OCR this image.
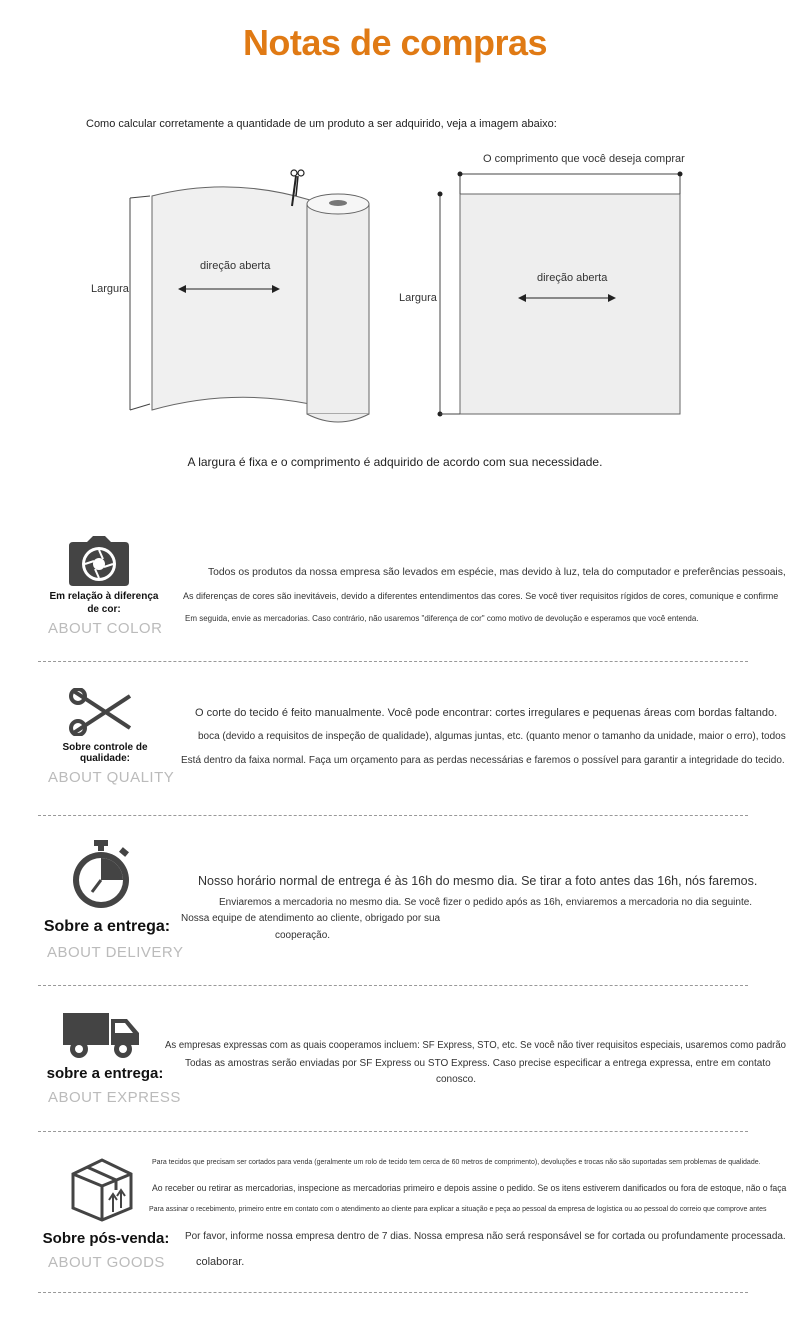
Notas de compras
Como calcular corretamente a quantidade de um produto a ser adquirido, veja a imagem abaixo:
Largura
direção aberta
O comprimento que você deseja comprar
Largura
direção aberta
A largura é fixa e o comprimento é adquirido de acordo com sua necessidade.
Em relação à diferença de cor:
ABOUT COLOR
Todos os produtos da nossa empresa são levados em espécie, mas devido à luz, tela do computador e preferências pessoais,
As diferenças de cores são inevitáveis, devido a diferentes entendimentos das cores. Se você tiver requisitos rígidos de cores, comunique e confirme
Em seguida, envie as mercadorias. Caso contrário, não usaremos "diferença de cor" como motivo de devolução e esperamos que você entenda.
Sobre controle de qualidade:
ABOUT QUALITY
O corte do tecido é feito manualmente. Você pode encontrar: cortes irregulares e pequenas áreas com bordas faltando.
boca (devido a requisitos de inspeção de qualidade), algumas juntas, etc. (quanto menor o tamanho da unidade, maior o erro), todos
Está dentro da faixa normal. Faça um orçamento para as perdas necessárias e faremos o possível para garantir a integridade do tecido.
Sobre a entrega:
ABOUT DELIVERY
Nosso horário normal de entrega é às 16h do mesmo dia. Se tirar a foto antes das 16h, nós faremos.
Enviaremos a mercadoria no mesmo dia. Se você fizer o pedido após as 16h, enviaremos a mercadoria no dia seguinte.
Nossa equipe de atendimento ao cliente, obrigado por sua
cooperação.
sobre a entrega:
ABOUT EXPRESS
As empresas expressas com as quais cooperamos incluem: SF Express, STO, etc. Se você não tiver requisitos especiais, usaremos como padrão
Todas as amostras serão enviadas por SF Express ou STO Express. Caso precise especificar a entrega expressa, entre em contato
conosco.
Sobre pós-venda:
ABOUT GOODS
Para tecidos que precisam ser cortados para venda (geralmente um rolo de tecido tem cerca de 60 metros de comprimento), devoluções e trocas não são suportadas sem problemas de qualidade.
Ao receber ou retirar as mercadorias, inspecione as mercadorias primeiro e depois assine o pedido. Se os itens estiverem danificados ou fora de estoque, não o faça
Para assinar o recebimento, primeiro entre em contato com o atendimento ao cliente para explicar a situação e peça ao pessoal da empresa de logística ou ao pessoal do correio que comprove antes
Por favor, informe nossa empresa dentro de 7 dias. Nossa empresa não será responsável se for cortada ou profundamente processada.
colaborar.
